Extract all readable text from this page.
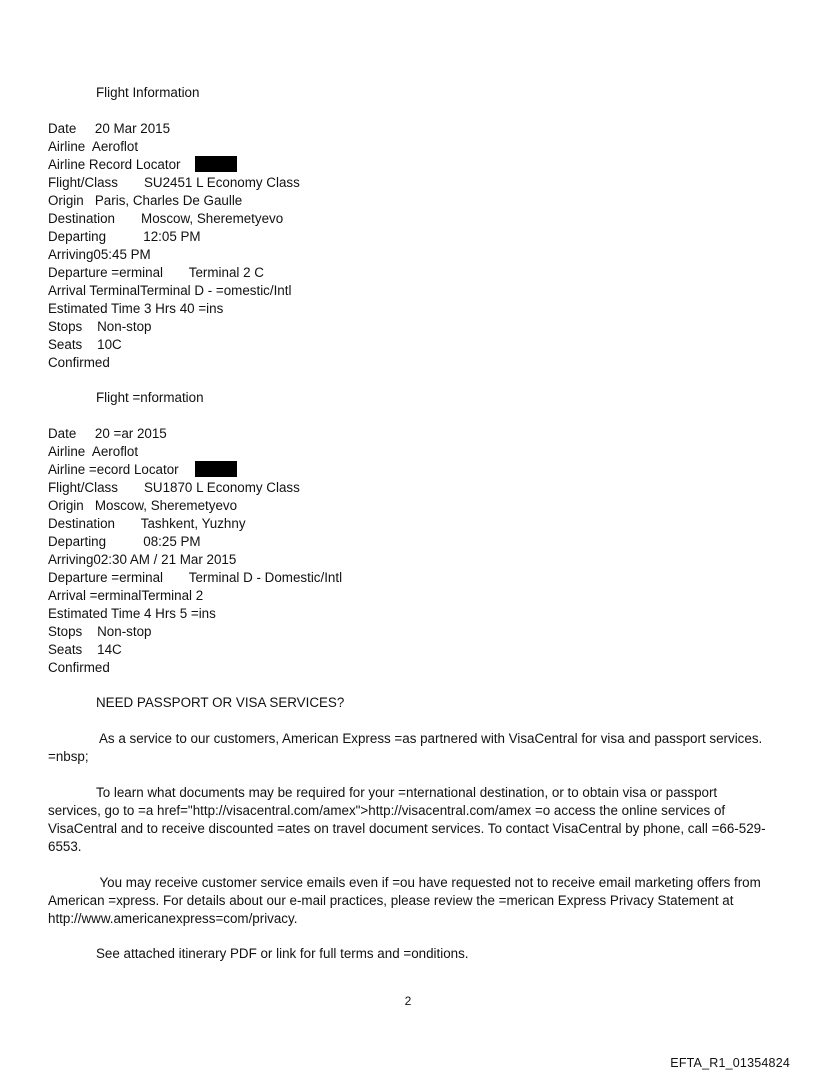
Flight Information
Date     20 Mar 2015
Airline  Aeroflot
Airline Record Locator
Flight/Class       SU2451 L Economy Class
Origin   Paris, Charles De Gaulle
Destination       Moscow, Sheremetyevo
Departing          12:05 PM
Arriving05:45 PM
Departure =erminal       Terminal 2 C
Arrival TerminalTerminal D - =omestic/Intl
Estimated Time 3 Hrs 40 =ins
Stops    Non-stop
Seats    10C
Confirmed
Flight =nformation
Date     20 =ar 2015
Airline  Aeroflot
Airline =ecord Locator
Flight/Class       SU1870 L Economy Class
Origin   Moscow, Sheremetyevo
Destination       Tashkent, Yuzhny
Departing          08:25 PM
Arriving02:30 AM / 21 Mar 2015
Departure =erminal       Terminal D - Domestic/Intl
Arrival =erminalTerminal 2
Estimated Time 4 Hrs 5 =ins
Stops    Non-stop
Seats    14C
Confirmed
NEED PASSPORT OR VISA SERVICES?
As a service to our customers, American Express =as partnered with VisaCentral for visa and passport services. =nbsp;
To learn what documents may be required for your =nternational destination, or to obtain visa or passport services, go to =a href="http://visacentral.com/amex">http://visacentral.com/amex =o access the online services of VisaCentral and to receive discounted =ates on travel document services. To contact VisaCentral by phone, call =66-529-6553.
You may receive customer service emails even if =ou have requested not to receive email marketing offers from American =xpress. For details about our e-mail practices, please review the =merican Express Privacy Statement at http://www.americanexpress=com/privacy.
See attached itinerary PDF or link for full terms and =onditions.
2
EFTA_R1_01354824
